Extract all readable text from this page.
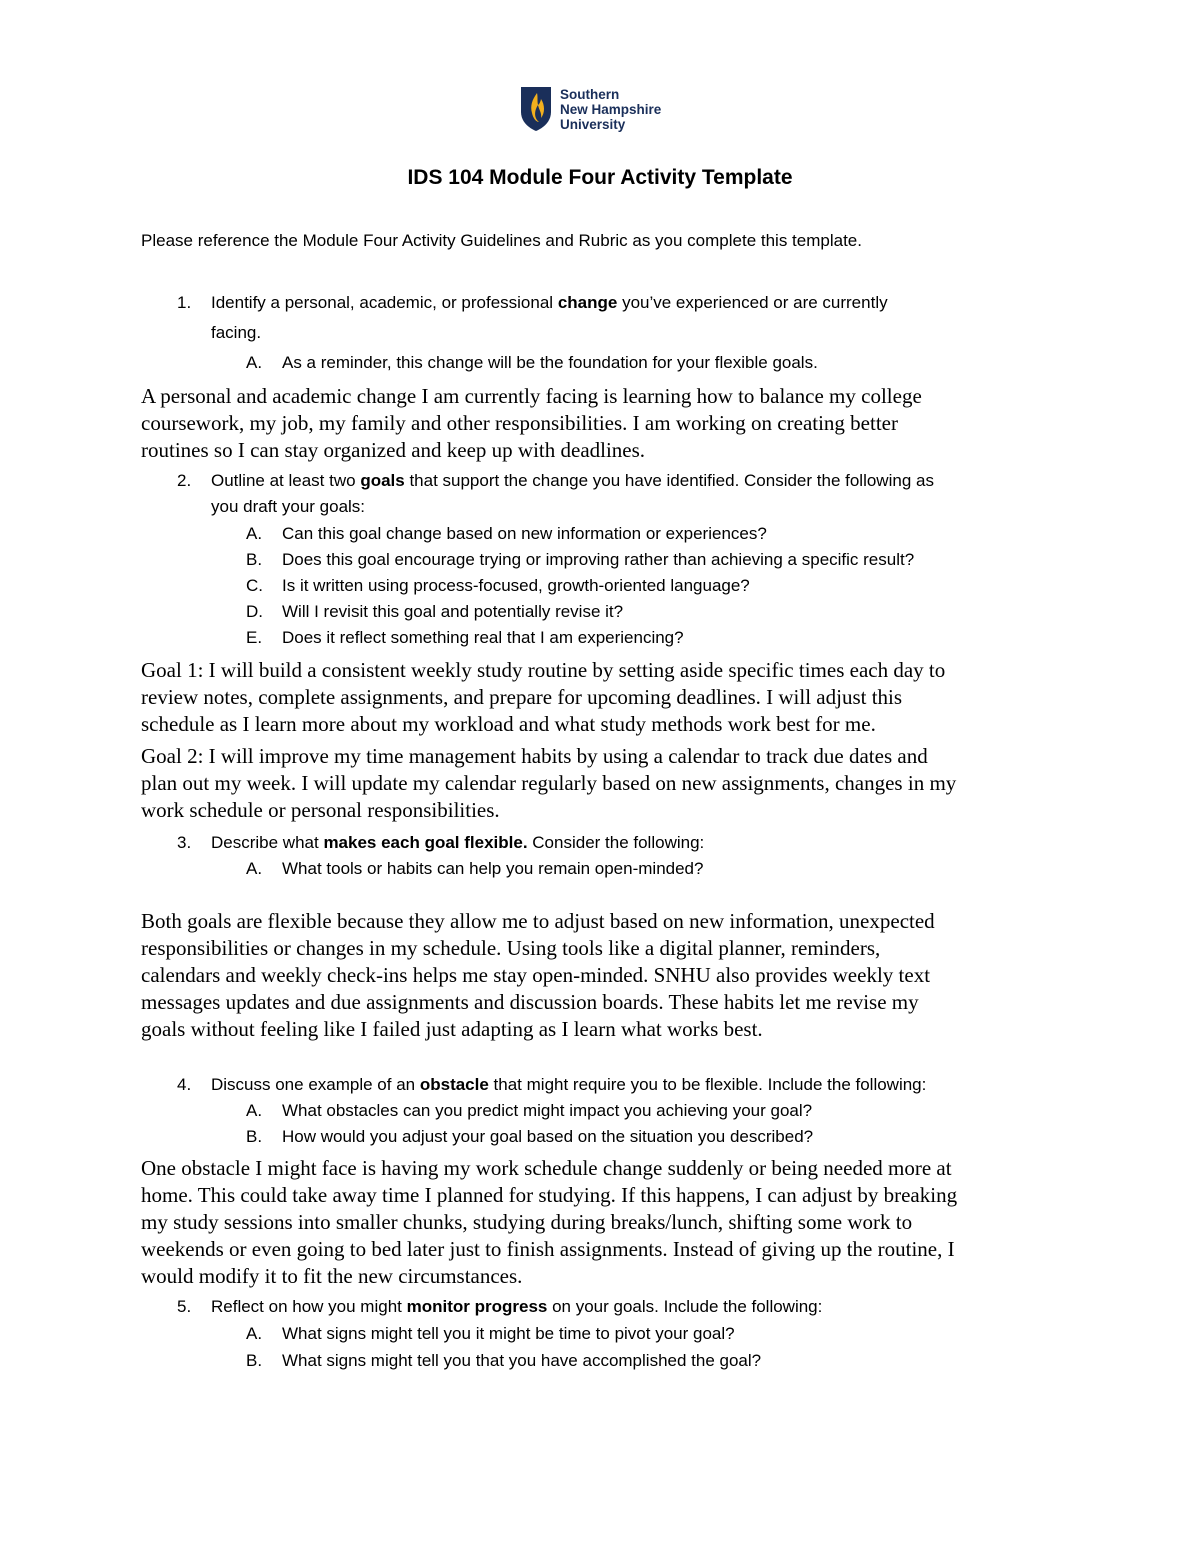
Southern
New Hampshire
University
IDS 104 Module Four Activity Template
Please reference the Module Four Activity Guidelines and Rubric as you complete this template.
1. Identify a personal, academic, or professional change you’ve experienced or are currently
facing.
A. As a reminder, this change will be the foundation for your flexible goals.
A personal and academic change I am currently facing is learning how to balance my college
coursework, my job, my family and other responsibilities. I am working on creating better
routines so I can stay organized and keep up with deadlines.
2. Outline at least two goals that support the change you have identified. Consider the following as
you draft your goals:
A. Can this goal change based on new information or experiences?
B. Does this goal encourage trying or improving rather than achieving a specific result?
C. Is it written using process-focused, growth-oriented language?
D. Will I revisit this goal and potentially revise it?
E. Does it reflect something real that I am experiencing?
Goal 1: I will build a consistent weekly study routine by setting aside specific times each day to
review notes, complete assignments, and prepare for upcoming deadlines. I will adjust this
schedule as I learn more about my workload and what study methods work best for me.
Goal 2: I will improve my time management habits by using a calendar to track due dates and
plan out my week. I will update my calendar regularly based on new assignments, changes in my
work schedule or personal responsibilities.
3. Describe what makes each goal flexible. Consider the following:
A. What tools or habits can help you remain open-minded?
Both goals are flexible because they allow me to adjust based on new information, unexpected
responsibilities or changes in my schedule. Using tools like a digital planner, reminders,
calendars and weekly check-ins helps me stay open-minded. SNHU also provides weekly text
messages updates and due assignments and discussion boards. These habits let me revise my
goals without feeling like I failed just adapting as I learn what works best.
4. Discuss one example of an obstacle that might require you to be flexible. Include the following:
A. What obstacles can you predict might impact you achieving your goal?
B. How would you adjust your goal based on the situation you described?
One obstacle I might face is having my work schedule change suddenly or being needed more at
home. This could take away time I planned for studying. If this happens, I can adjust by breaking
my study sessions into smaller chunks, studying during breaks/lunch, shifting some work to
weekends or even going to bed later just to finish assignments. Instead of giving up the routine, I
would modify it to fit the new circumstances.
5. Reflect on how you might monitor progress on your goals. Include the following:
A. What signs might tell you it might be time to pivot your goal?
B. What signs might tell you that you have accomplished the goal?
